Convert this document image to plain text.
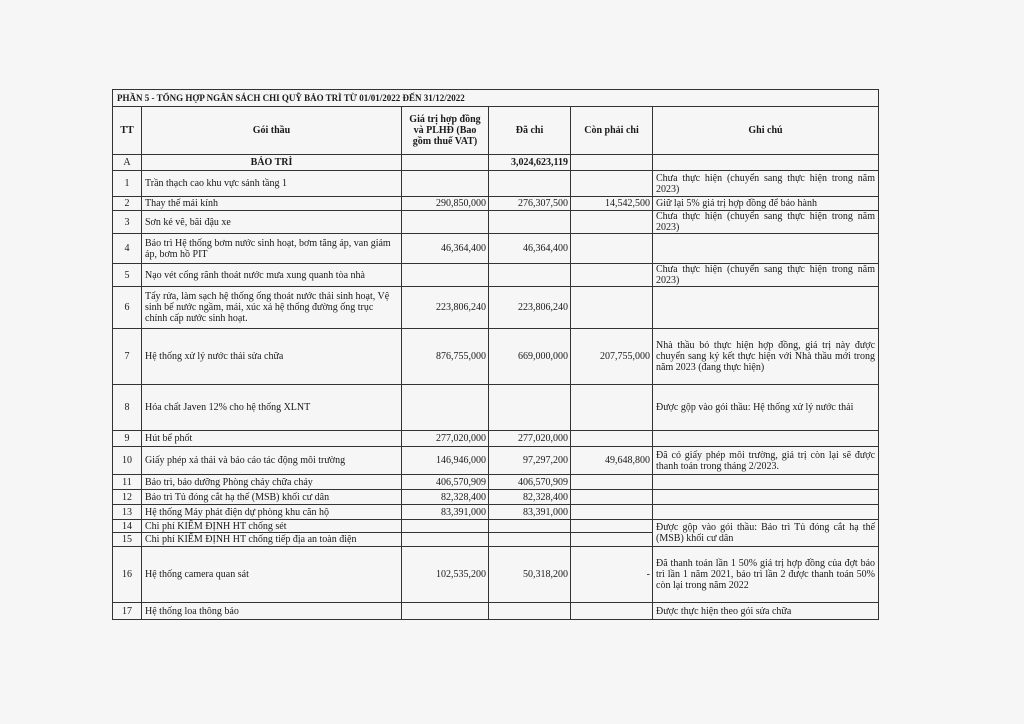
PHẦN 5 - TỔNG HỢP NGÂN SÁCH CHI QUỸ BẢO TRÌ TỪ 01/01/2022 ĐẾN 31/12/2022					
TT	Gói thầu	Giá trị hợp đồng và PLHĐ (Bao gồm thuế VAT)	Đã chi	Còn phải chi	Ghi chú
A	BẢO TRÌ		3,024,623,119		
1	Trần thạch cao khu vực sảnh tầng 1				Chưa thực hiện (chuyển sang thực hiện trong năm 2023)
2	Thay thế mái kính	290,850,000	276,307,500	14,542,500	Giữ lại 5% giá trị hợp đồng để bảo hành
3	Sơn kẻ vẽ, bãi đậu xe				Chưa thực hiện (chuyển sang thực hiện trong năm 2023)
4	Bảo trì Hệ thống bơm nước sinh hoạt, bơm tăng áp, van giảm áp, bơm hồ PIT	46,364,400	46,364,400		
5	Nạo vét cống rãnh thoát nước mưa xung quanh tòa nhà				Chưa thực hiện (chuyển sang thực hiện trong năm 2023)
6	Tẩy rửa, làm sạch hệ thống ống thoát nước thải sinh hoạt, Vệ sinh bể nước ngầm, mái, xúc xả hệ thống đường ống trục chính cấp nước sinh hoạt.	223,806,240	223,806,240		
7	Hệ thống xử lý nước thải sửa chữa	876,755,000	669,000,000	207,755,000	Nhà thầu bỏ thực hiện hợp đồng, giá trị này được chuyển sang ký kết thực hiện với Nhà thầu mới trong năm 2023 (đang thực hiện)
8	Hóa chất Javen 12% cho hệ thống XLNT				Được gộp vào gói thầu: Hệ thống xử lý nước thải
9	Hút bể phốt	277,020,000	277,020,000		
10	Giấy phép xả thải và báo cáo tác động môi trường	146,946,000	97,297,200	49,648,800	Đã có giấy phép môi trường, giá trị còn lại sẽ được thanh toán trong tháng 2/2023.
11	Bảo trì, bảo dưỡng Phòng cháy chữa cháy	406,570,909	406,570,909		
12	Bảo trì Tủ đóng cắt hạ thế (MSB) khối cư dân	82,328,400	82,328,400		
13	Hệ thống Máy phát điện dự phòng khu căn hộ	83,391,000	83,391,000		
14	Chi phí KIỂM ĐỊNH HT chống sét				Được gộp vào gói thầu: Bảo trì Tủ đóng cắt hạ thế (MSB) khối cư dân
15	Chi phí KIỂM ĐỊNH HT chống tiếp địa an toàn điện				
16	Hệ thống camera quan sát	102,535,200	50,318,200	-	Đã thanh toán lần 1 50% giá trị hợp đồng của đợt bảo trì lần 1 năm 2021, bảo trì lần 2 được thanh toán 50% còn lại trong năm 2022
17	Hệ thống loa thông báo				Được thực hiện theo gói sửa chữa
